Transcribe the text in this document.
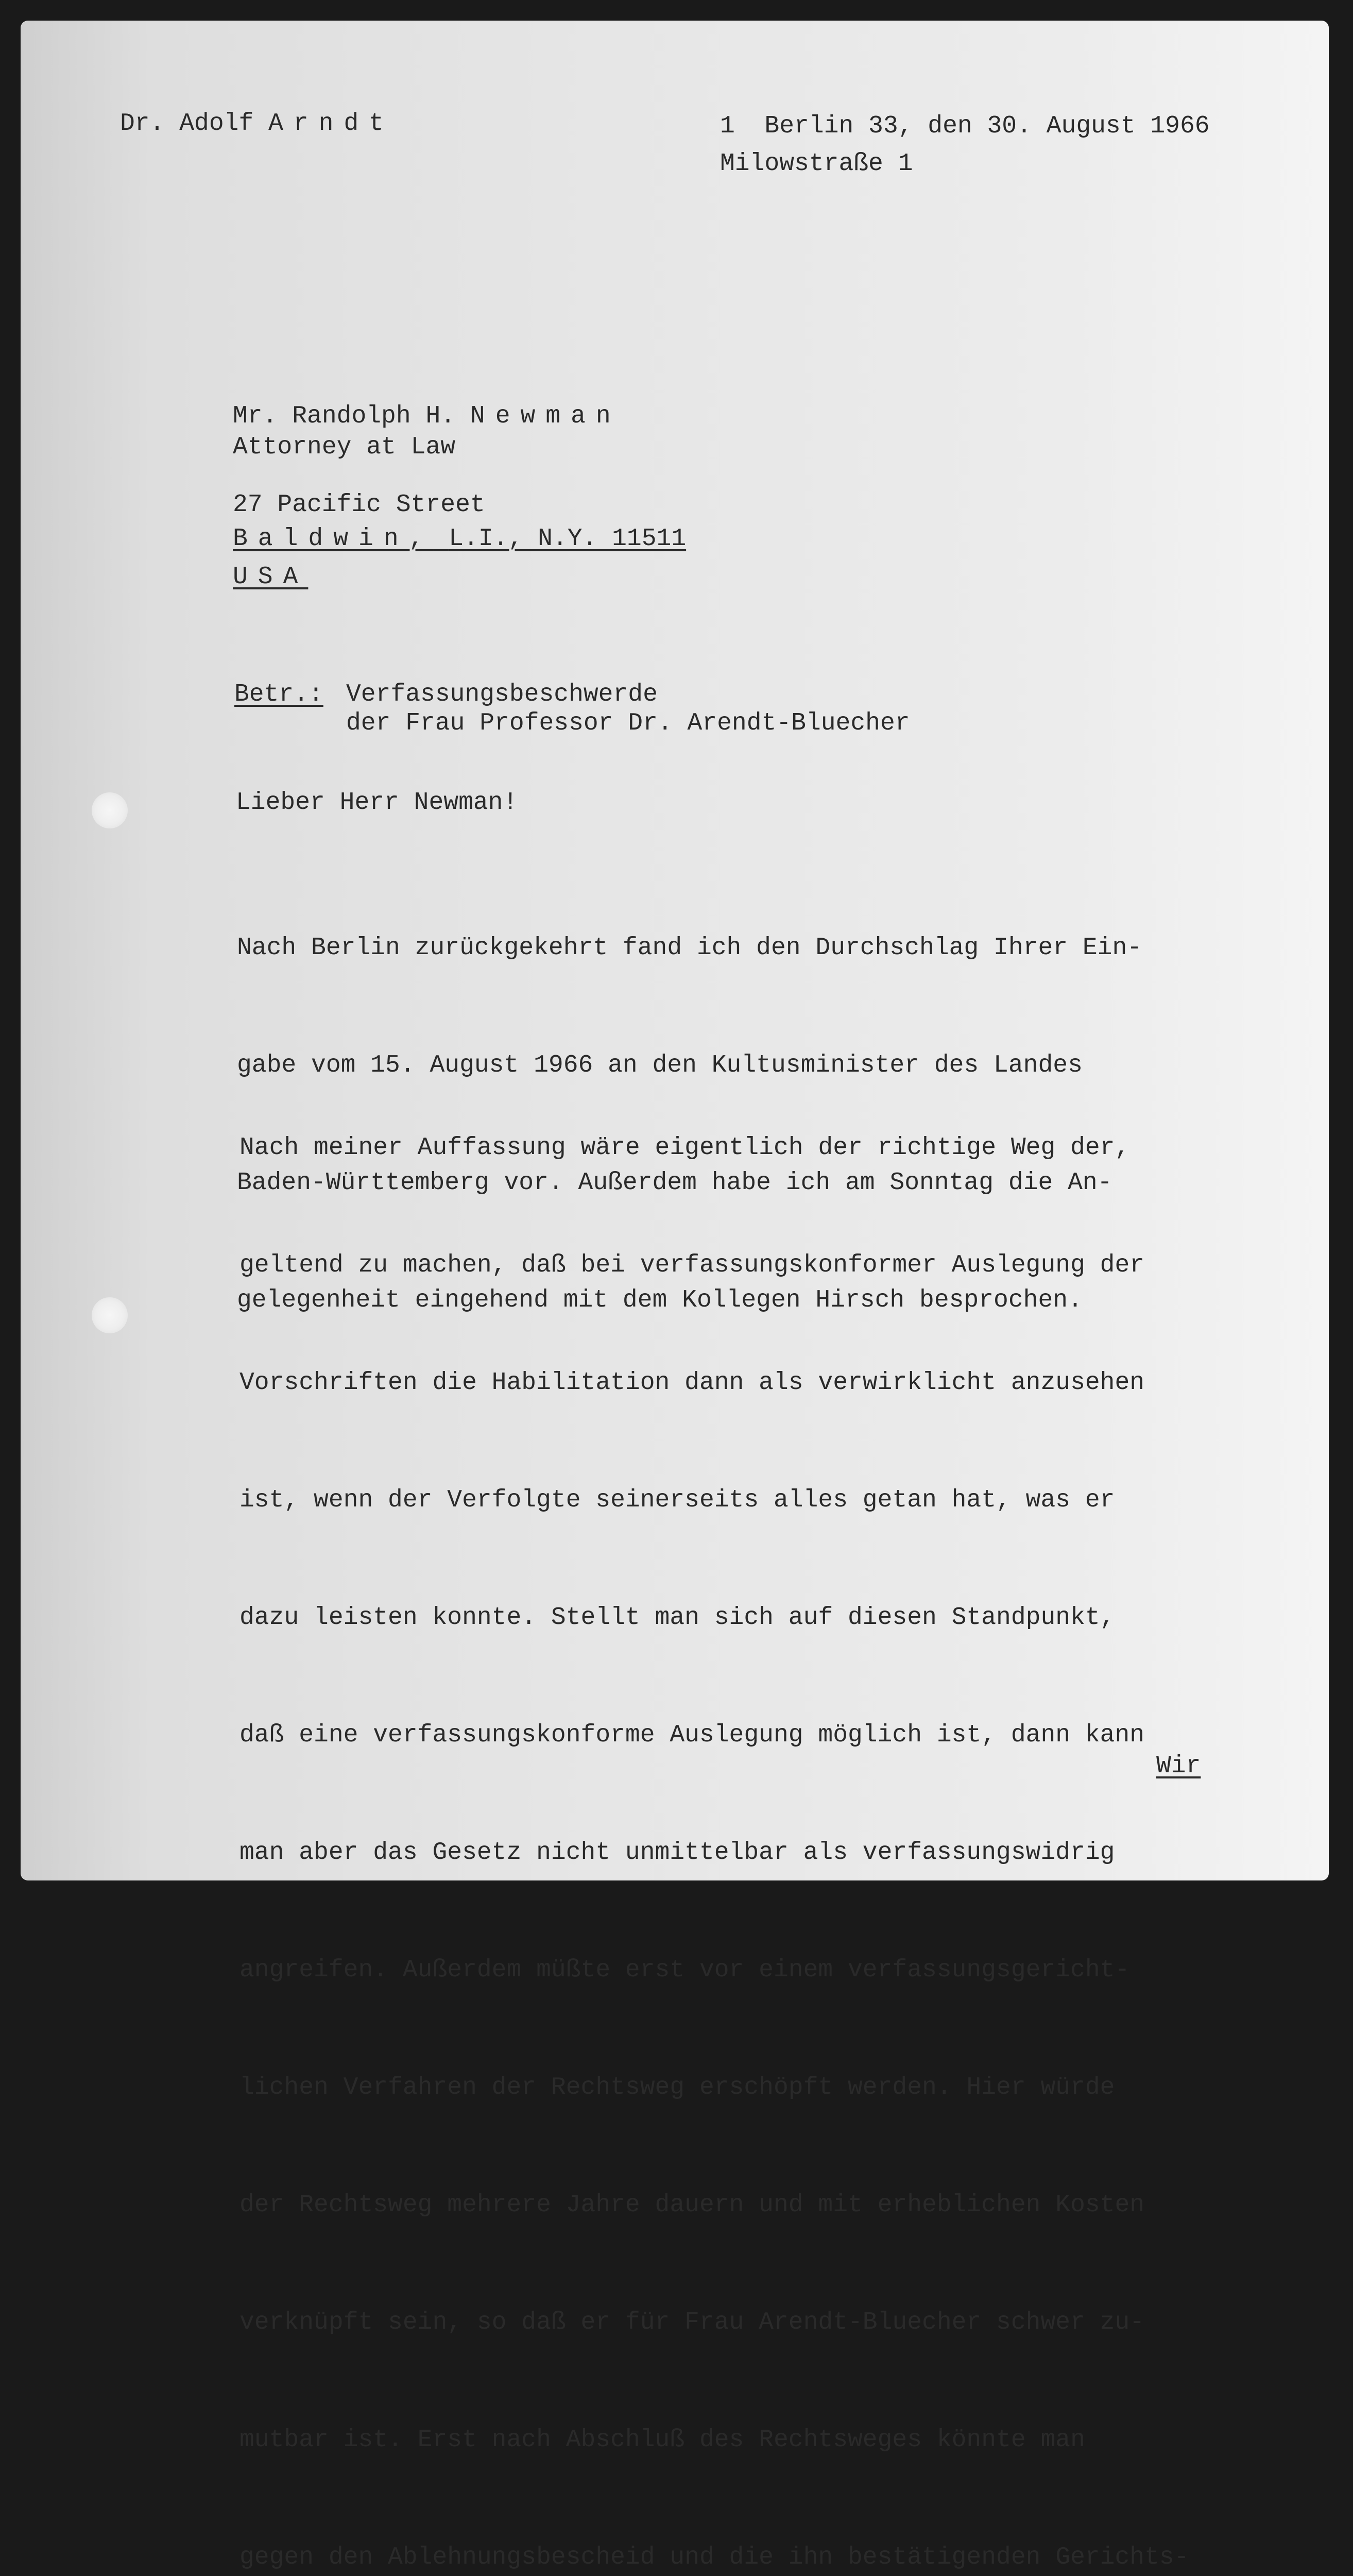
Dr. Adolf Arndt	1  Berlin 33, den 30. August 1966
Milowstraße 1
Mr. Randolph H. Newman
Attorney at Law
27 Pacific Street
Baldwin, L.I., N.Y. 11511
USA
Betr.: Verfassungsbeschwerde
der Frau Professor Dr. Arendt-Bluecher
Lieber Herr Newman!

Nach Berlin zurückgekehrt fand ich den Durchschlag Ihrer Ein-

gabe vom 15. August 1966 an den Kultusminister des Landes

Baden-Württemberg vor. Außerdem habe ich am Sonntag die An-

gelegenheit eingehend mit dem Kollegen Hirsch besprochen.

Nach meiner Auffassung wäre eigentlich der richtige Weg der,

geltend zu machen, daß bei verfassungskonformer Auslegung der

Vorschriften die Habilitation dann als verwirklicht anzusehen

ist, wenn der Verfolgte seinerseits alles getan hat, was er

dazu leisten konnte. Stellt man sich auf diesen Standpunkt,

daß eine verfassungskonforme Auslegung möglich ist, dann kann

man aber das Gesetz nicht unmittelbar als verfassungswidrig

angreifen. Außerdem müßte erst vor einem verfassungsgericht-

lichen Verfahren der Rechtsweg erschöpft werden. Hier würde

der Rechtsweg mehrere Jahre dauern und mit erheblichen Kosten

verknüpft sein, so daß er für Frau Arendt-Bluecher schwer zu-

mutbar ist. Erst nach Abschluß des Rechtsweges könnte man

gegen den Ablehnungsbescheid und die ihn bestätigenden Gerichts-

Wir
